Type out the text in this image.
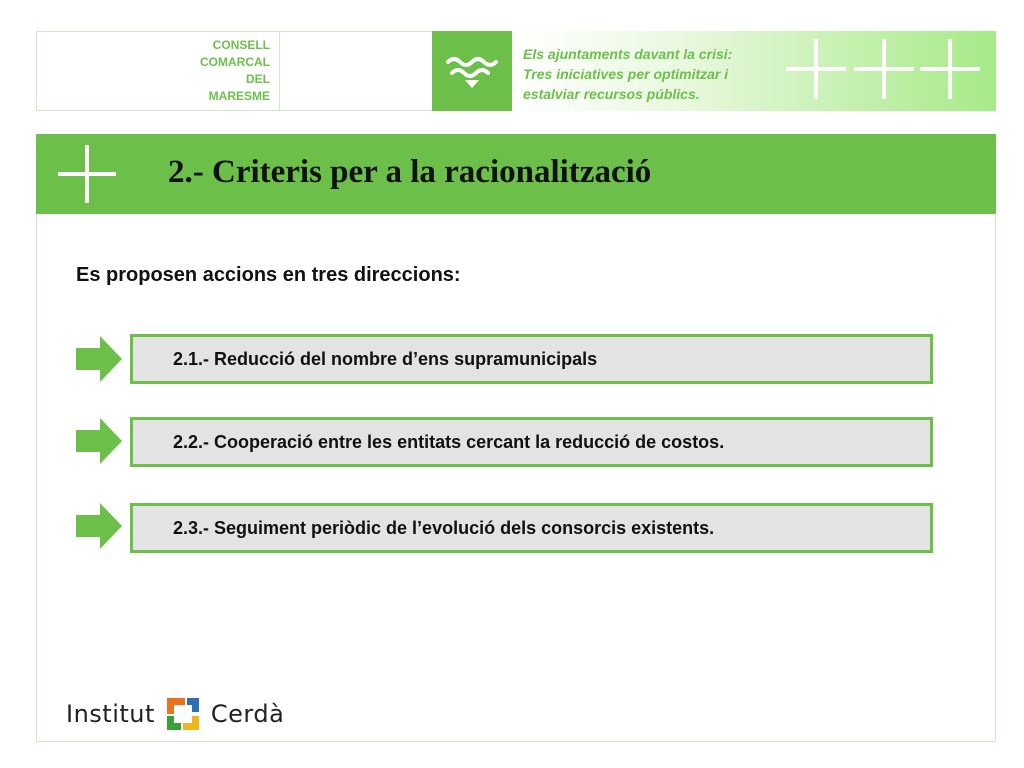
CONSELL
COMARCAL
DEL
MARESME
Els ajuntaments davant la crisi:
Tres iniciatives per optimitzar i
estalviar recursos públics.
2.- Criteris per a la racionalització
Es proposen accions en tres direccions:
2.1.- Reducció del nombre d’ens supramunicipals
2.2.- Cooperació entre les entitats cercant la reducció de costos.
2.3.- Seguiment periòdic de l’evolució dels consorcis existents.
Institut Cerdà
